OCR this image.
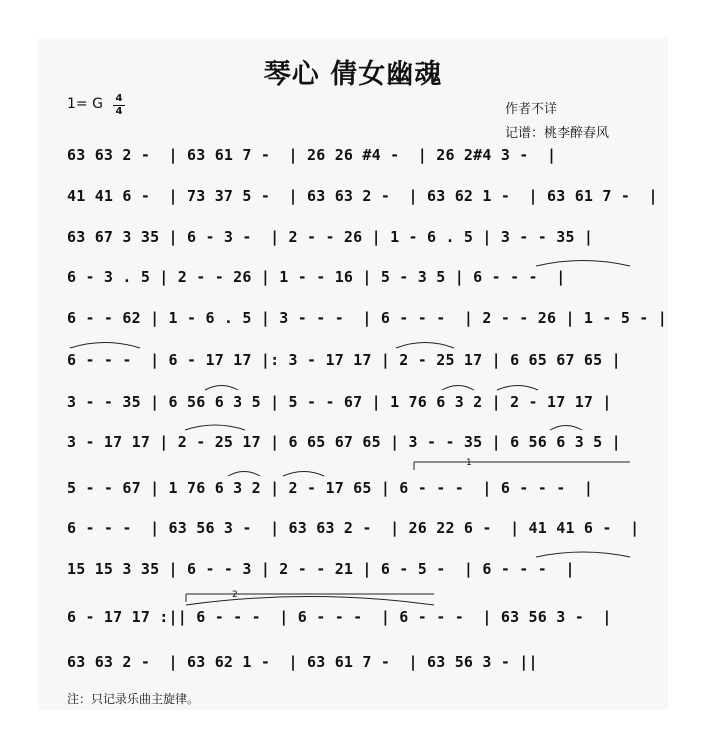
琴心 倩女幽魂
1= G 4
4	作者不详
记谱：桃李醉春风
63 63 2 -  | 63 61 7 -  | 26 26 #4 -  | 26 2#4 3 -  |
41 41 6 -  | 73 37 5 -  | 63 63 2 -  | 63 62 1 -  | 63 61 7 -  |
63 67 3 35 | 6 - 3 -  | 2 - - 26 | 1 - 6 . 5 | 3 - - 35 |
6 - 3 . 5 | 2 - - 26 | 1 - - 16 | 5 - 3 5 | 6 - - -  |
6 - - 62 | 1 - 6 . 5 | 3 - - -  | 6 - - -  | 2 - - 26 | 1 - 5 - |
6 - - -  | 6 - 17 17 |: 3 - 17 17 | 2 - 25 17 | 6 65 67 65 |
3 - - 35 | 6 56 6 3 5 | 5 - - 67 | 1 76 6 3 2 | 2 - 17 17 |
3 - 17 17 | 2 - 25 17 | 6 65 67 65 | 3 - - 35 | 6 56 6 3 5 |
5 - - 67 | 1 76 6 3 2 | 2 - 17 65 | 6 - - -  | 6 - - -  |
6 - - -  | 63 56 3 -  | 63 63 2 -  | 26 22 6 -  | 41 41 6 -  |
15 15 3 35 | 6 - - 3 | 2 - - 21 | 6 - 5 -  | 6 - - -  |
6 - 17 17 :|| 6 - - -  | 6 - - -  | 6 - - -  | 63 56 3 -  |
63 63 2 -  | 63 62 1 -  | 63 61 7 -  | 63 56 3 - ||
1
2
注：只记录乐曲主旋律。
